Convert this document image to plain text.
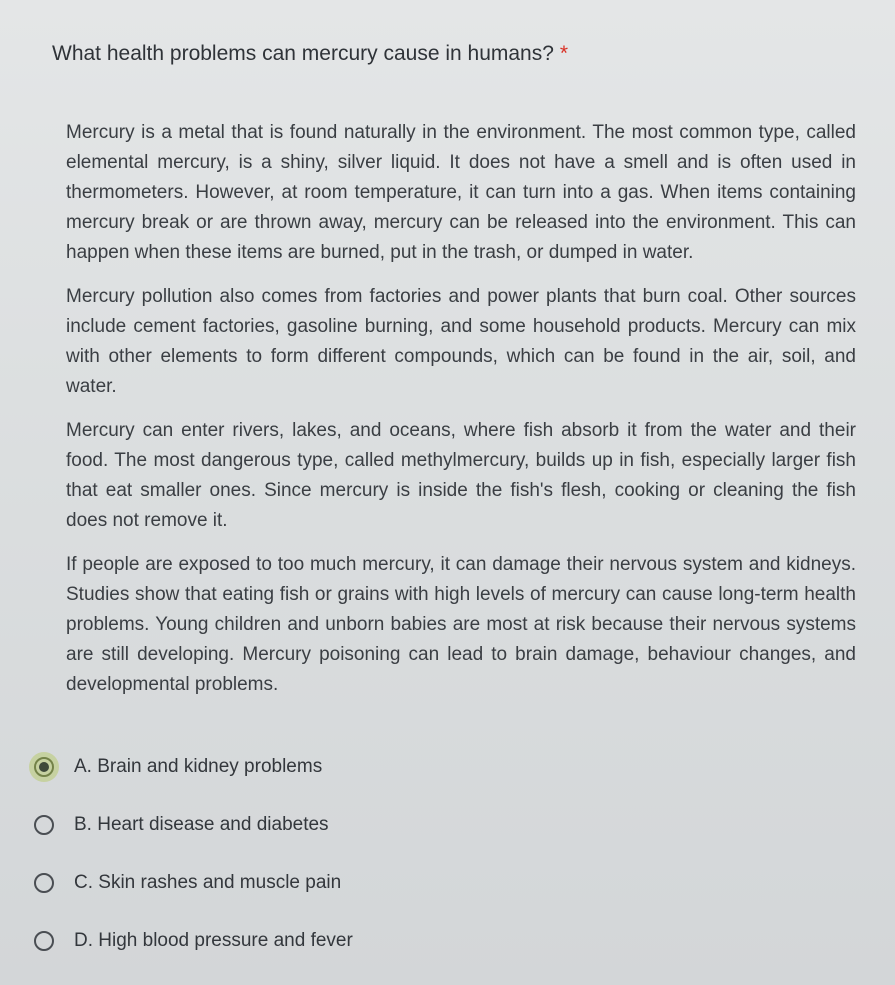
What health problems can mercury cause in humans? *

Mercury is a metal that is found naturally in the environment. The most common type, called elemental mercury, is a shiny, silver liquid. It does not have a smell and is often used in thermometers. However, at room temperature, it can turn into a gas. When items containing mercury break or are thrown away, mercury can be released into the environment. This can happen when these items are burned, put in the trash, or dumped in water.

Mercury pollution also comes from factories and power plants that burn coal. Other sources include cement factories, gasoline burning, and some household products. Mercury can mix with other elements to form different compounds, which can be found in the air, soil, and water.

Mercury can enter rivers, lakes, and oceans, where fish absorb it from the water and their food. The most dangerous type, called methylmercury, builds up in fish, especially larger fish that eat smaller ones. Since mercury is inside the fish's flesh, cooking or cleaning the fish does not remove it.

If people are exposed to too much mercury, it can damage their nervous system and kidneys. Studies show that eating fish or grains with high levels of mercury can cause long-term health problems. Young children and unborn babies are most at risk because their nervous systems are still developing. Mercury poisoning can lead to brain damage, behaviour changes, and developmental problems.

A. Brain and kidney problems
B. Heart disease and diabetes
C. Skin rashes and muscle pain
D. High blood pressure and fever
